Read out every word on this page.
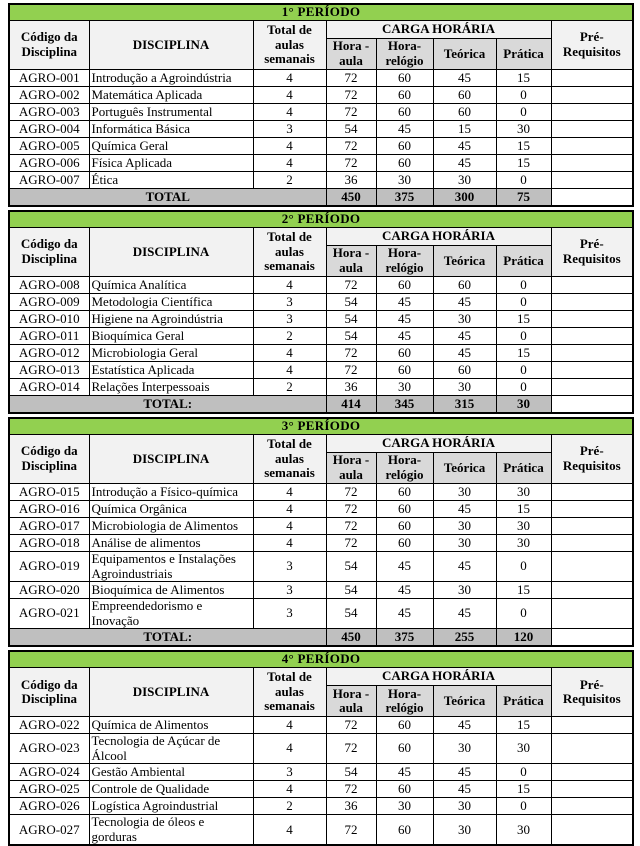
1° PERÍODO							
Código da Disciplina	DISCIPLINA	Total de aulas semanais	CARGA HORÁRIA				Pré- Requisitos
			Hora -aula	Hora- relógio	Teórica	Prática	
AGRO-001	Introdução a Agroindústria	4	72	60	45	15	
AGRO-002	Matemática Aplicada	4	72	60	60	0	
AGRO-003	Português Instrumental	4	72	60	60	0	
AGRO-004	Informática Básica	3	54	45	15	30	
AGRO-005	Química Geral	4	72	60	45	15	
AGRO-006	Física Aplicada	4	72	60	45	15	
AGRO-007	Ética	2	36	30	30	0	
TOTAL			450	375	300	75	
2° PERÍODO							
Código da Disciplina	DISCIPLINA	Total de aulas semanais	CARGA HORÁRIA				Pré- Requisitos
			Hora -aula	Hora- relógio	Teórica	Prática	
AGRO-008	Química Analítica	4	72	60	60	0	
AGRO-009	Metodologia Científica	3	54	45	45	0	
AGRO-010	Higiene na Agroindústria	3	54	45	30	15	
AGRO-011	Bioquímica Geral	2	54	45	45	0	
AGRO-012	Microbiologia Geral	4	72	60	45	15	
AGRO-013	Estatística Aplicada	4	72	60	60	0	
AGRO-014	Relações Interpessoais	2	36	30	30	0	
TOTAL:			414	345	315	30	
3° PERÍODO							
Código da Disciplina	DISCIPLINA	Total de aulas semanais	CARGA HORÁRIA				Pré- Requisitos
			Hora -aula	Hora- relógio	Teórica	Prática	
AGRO-015	Introdução a Físico-química	4	72	60	30	30	
AGRO-016	Química Orgânica	4	72	60	45	15	
AGRO-017	Microbiologia de Alimentos	4	72	60	30	30	
AGRO-018	Análise de alimentos	4	72	60	30	30	
AGRO-019	Equipamentos e Instalações Agroindustriais	3	54	45	45	0	
AGRO-020	Bioquímica de Alimentos	3	54	45	30	15	
AGRO-021	Empreendedorismo e Inovação	3	54	45	45	0	
TOTAL:			450	375	255	120	
4° PERÍODO							
Código da Disciplina	DISCIPLINA	Total de aulas semanais	CARGA HORÁRIA				Pré- Requisitos
			Hora -aula	Hora- relógio	Teórica	Prática	
AGRO-022	Química de Alimentos	4	72	60	45	15	
AGRO-023	Tecnologia de Açúcar de Álcool	4	72	60	30	30	
AGRO-024	Gestão Ambiental	3	54	45	45	0	
AGRO-025	Controle de Qualidade	4	72	60	45	15	
AGRO-026	Logística Agroindustrial	2	36	30	30	0	
AGRO-027	Tecnologia de óleos e gorduras	4	72	60	30	30	
